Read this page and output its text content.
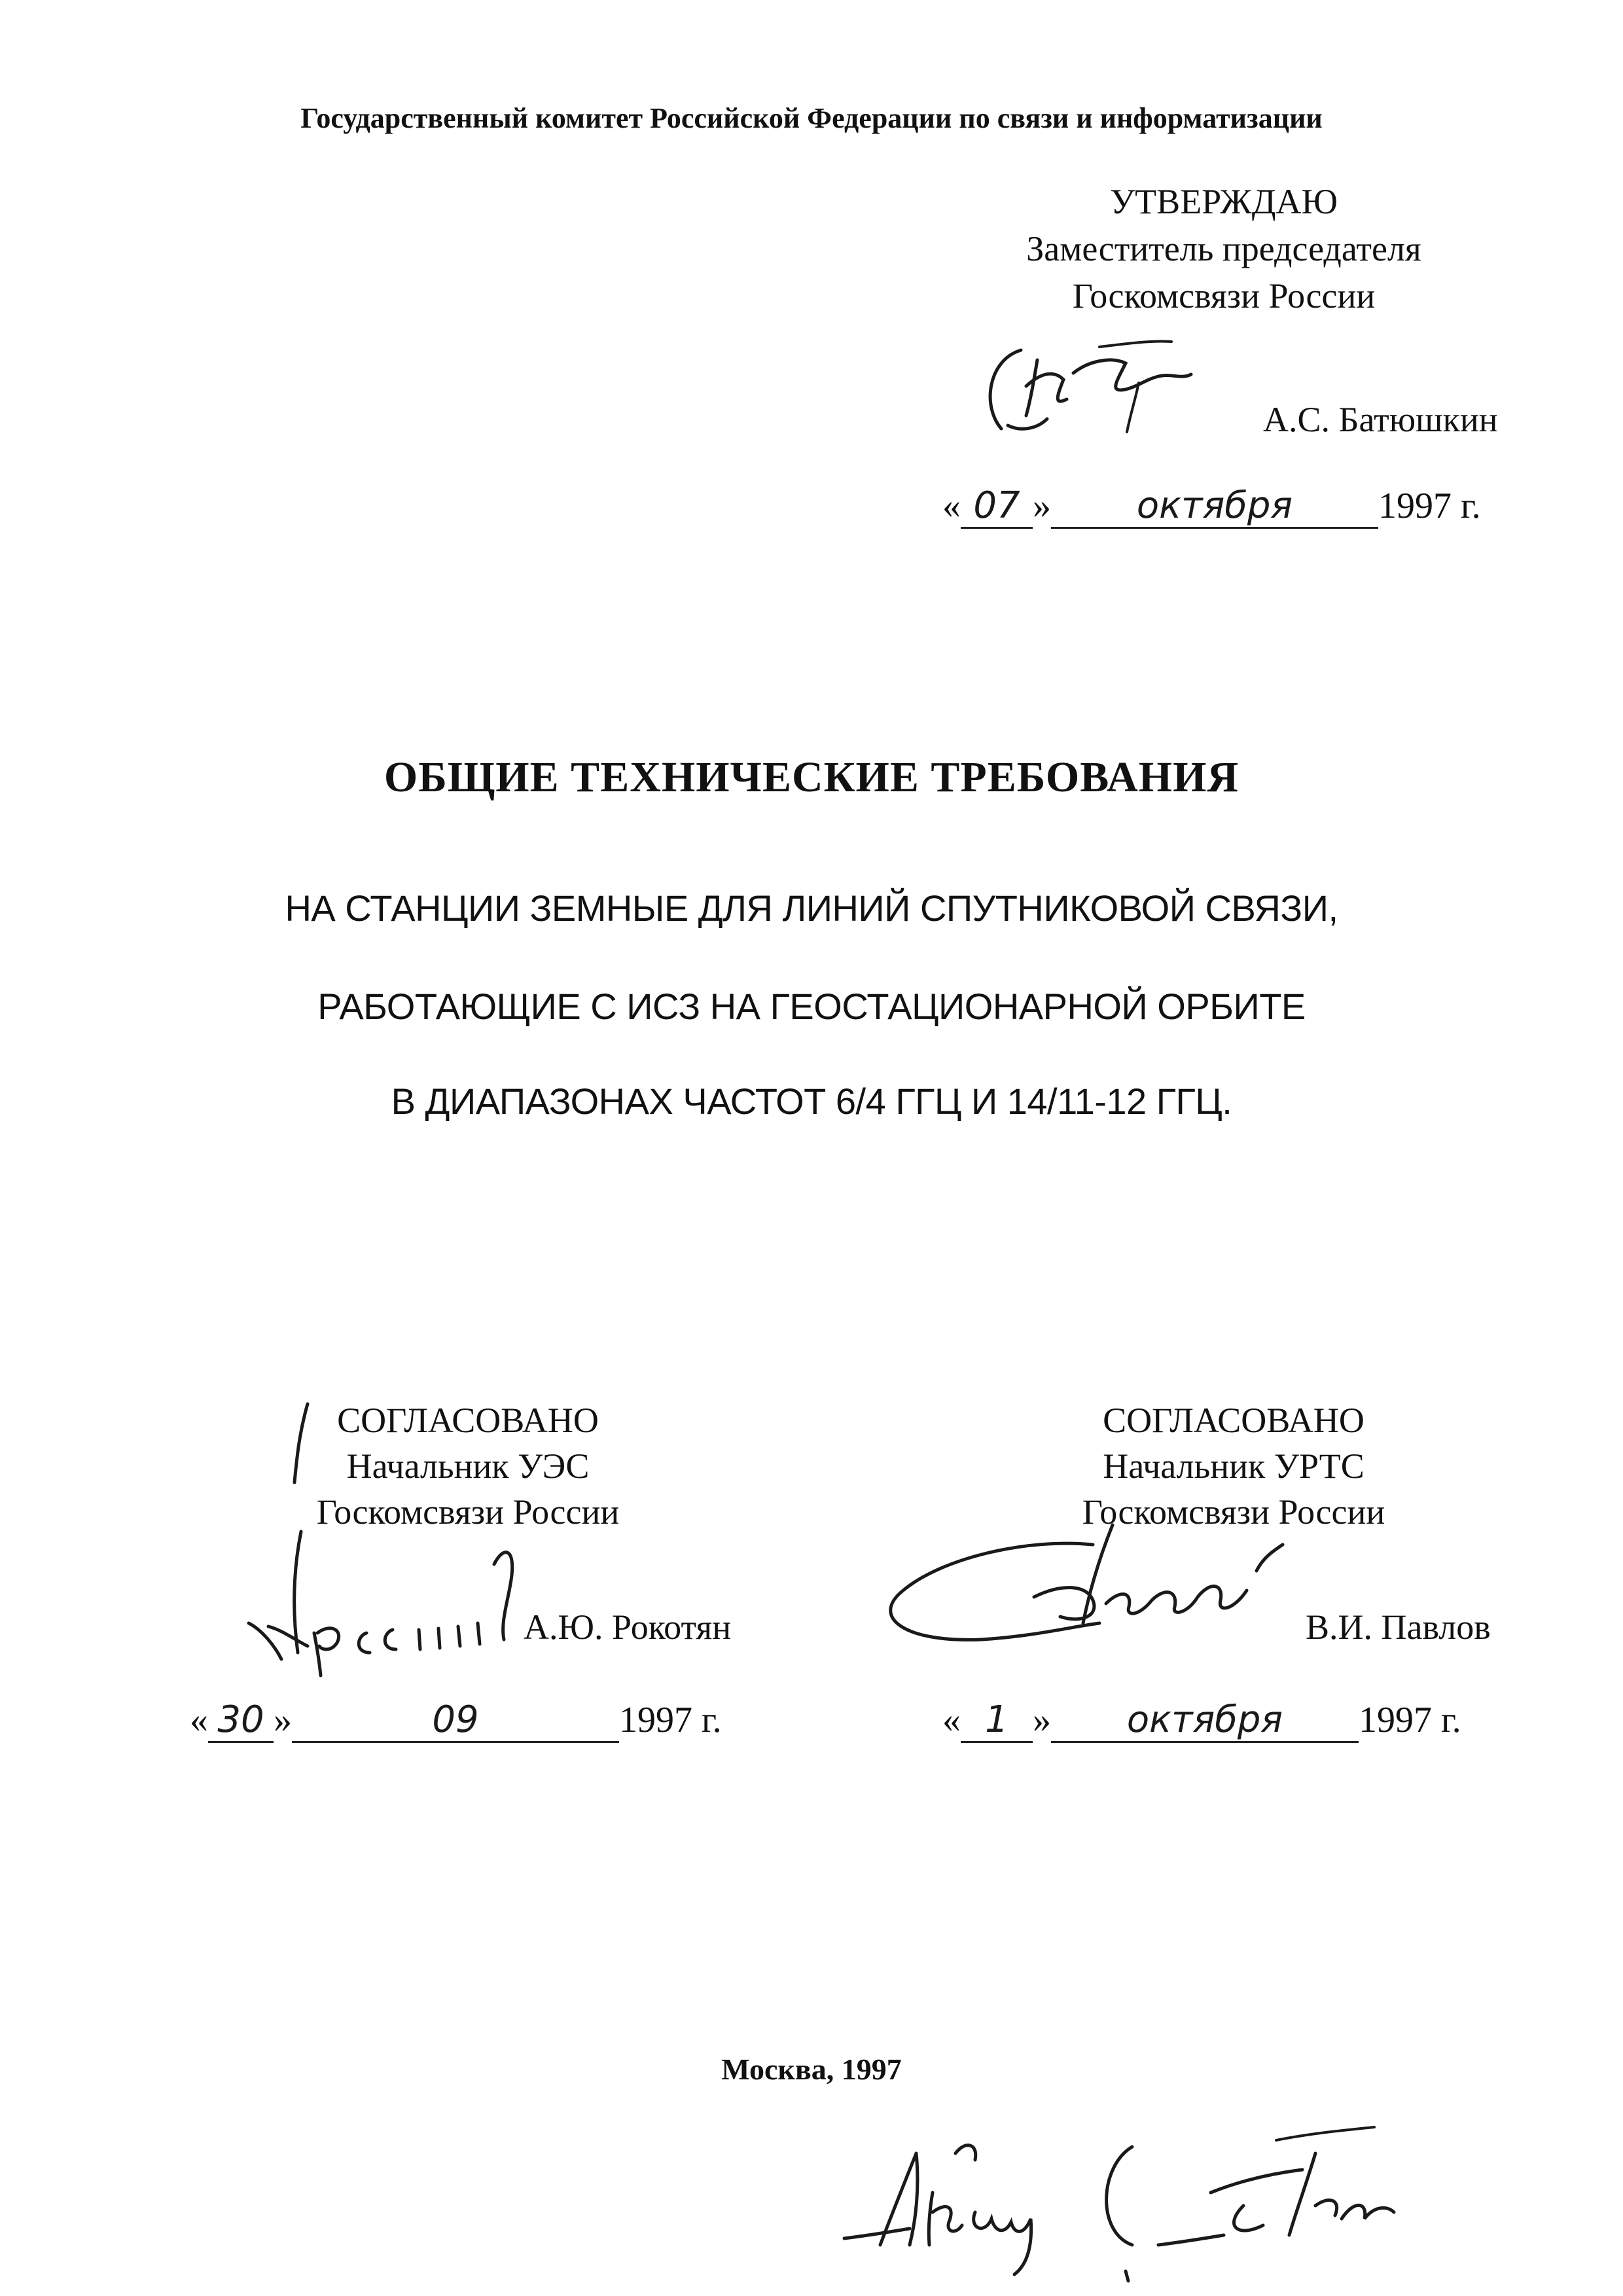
Государственный комитет Российской Федерации по связи и информатизации
УТВЕРЖДАЮ
Заместитель председателя
Госкомсвязи России
А.С. Батюшкин
« 07 » октября 1997 г.
ОБЩИЕ ТЕХНИЧЕСКИЕ ТРЕБОВАНИЯ
НА СТАНЦИИ ЗЕМНЫЕ ДЛЯ ЛИНИЙ СПУТНИКОВОЙ СВЯЗИ,
РАБОТАЮЩИЕ С ИСЗ НА ГЕОСТАЦИОНАРНОЙ ОРБИТЕ
В ДИАПАЗОНАХ ЧАСТОТ 6/4 ГГЦ И 14/11-12 ГГЦ.
СОГЛАСОВАНО
Начальник УЭС
Госкомсвязи России
А.Ю. Рокотян
« 30 »	09	1997 г.
СОГЛАСОВАНО
Начальник УРТС
Госкомсвязи России
В.И. Павлов
« 1 » октября 1997 г.
Москва, 1997
